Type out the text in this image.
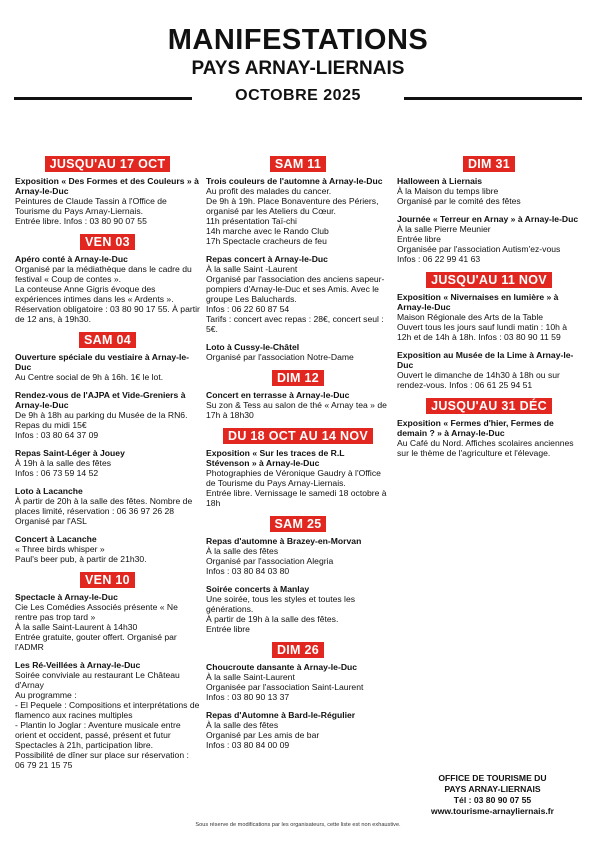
MANIFESTATIONS
PAYS ARNAY-LIERNAIS
OCTOBRE 2025
JUSQU'AU 17 OCT
Exposition « Des Formes et des Couleurs » à Arnay-le-Duc
Peintures de Claude Tassin à l'Office de Tourisme du Pays Arnay-Liernais.
Entrée libre. Infos : 03 80 90 07 55
VEN 03
Apéro conté à Arnay-le-Duc
Organisé par la médiathèque dans le cadre du festival « Coup de contes ».
La conteuse Anne Gigris évoque des expériences intimes dans les « Ardents ».
Réservation obligatoire : 03 80 90 17 55. À partir de 12 ans, à 19h30.
SAM 04
Ouverture spéciale du vestiaire à Arnay-le-Duc
Au Centre social de 9h à 16h. 1€ le lot.
Rendez-vous de l'AJPA et Vide-Greniers à Arnay-le-Duc
De 9h à 18h au parking du Musée de la RN6. Repas du midi 15€
Infos : 03 80 64 37 09
Repas Saint-Léger à Jouey
À 19h à la salle des fêtes
Infos : 06 73 59 14 52
Loto à Lacanche
À partir de 20h à la salle des fêtes. Nombre de places limité, réservation : 06 36 97 26 28
Organisé par l'ASL
Concert à Lacanche
« Three birds whisper »
Paul's beer pub, à partir de 21h30.
VEN 10
Spectacle à Arnay-le-Duc
Cie Les Comédies Associés présente « Ne rentre pas trop tard »
À la salle Saint-Laurent à 14h30
Entrée gratuite, gouter offert. Organisé par l'ADMR
Les Ré-Veillées à Arnay-le-Duc
Soirée conviviale au restaurant Le Château d'Arnay
Au programme :
- El Pequele : Compositions et interprétations de flamenco aux racines multiples
- Plantin lo Joglar : Aventure musicale entre orient et occident, passé, présent et futur
Spectacles à 21h, participation libre.
Possibilité de dîner sur place sur réservation : 06 79 21 15 75
SAM 11
Trois couleurs de l'automne à Arnay-le-Duc
Au profit des malades du cancer.
De 9h à 19h. Place Bonaventure des Périers, organisé par les Ateliers du Cœur.
11h présentation Taï-chi
14h marche avec le Rando Club
17h Spectacle cracheurs de feu
Repas concert à Arnay-le-Duc
À la salle Saint -Laurent
Organisé par l'association des anciens sapeur-pompiers d'Arnay-le-Duc et ses Amis. Avec le groupe Les Baluchards.
Infos : 06 22 60 87 54
Tarifs : concert avec repas : 28€, concert seul : 5€.
Loto à Cussy-le-Châtel
Organisé par l'association Notre-Dame
DIM 12
Concert en terrasse à Arnay-le-Duc
Su zon & Tess au salon de thé « Arnay tea » de 17h à 18h30
DU 18 OCT AU 14 NOV
Exposition « Sur les traces de R.L Stévenson » à Arnay-le-Duc
Photographies de Véronique Gaudry à l'Office de Tourisme du Pays Arnay-Liernais.
Entrée libre. Vernissage le samedi 18 octobre à 18h
SAM 25
Repas d'automne à Brazey-en-Morvan
À la salle des fêtes
Organisé par l'association Alegria
Infos : 03 80 84 03 80
Soirée concerts à Manlay
Une soirée, tous les styles et toutes les générations.
À partir de 19h à la salle des fêtes.
Entrée libre
DIM 26
Choucroute dansante à Arnay-le-Duc
À la salle Saint-Laurent
Organisée par l'association Saint-Laurent
Infos : 03 80 90 13 37
Repas d'Automne à Bard-le-Régulier
À la salle des fêtes
Organisé par Les amis de bar
Infos : 03 80 84 00 09
DIM 31
Halloween à Liernais
À la Maison du temps libre
Organisé par le comité des fêtes
Journée « Terreur en Arnay » à Arnay-le-Duc
À la salle Pierre Meunier
Entrée libre
Organisée par l'association Autism'ez-vous
Infos : 06 22 99 41 63
JUSQU'AU 11 NOV
Exposition « Nivernaises en lumière » à Arnay-le-Duc
Maison Régionale des Arts de la Table
Ouvert tous les jours sauf lundi matin : 10h à 12h et de 14h à 18h. Infos : 03 80 90 11 59
Exposition au Musée de la Lime à Arnay-le-Duc
Ouvert le dimanche de 14h30 à 18h ou sur rendez-vous. Infos : 06 61 25 94 51
JUSQU'AU 31 DÉC
Exposition « Fermes d'hier, Fermes de demain ? » à Arnay-le-Duc
Au Café du Nord. Affiches scolaires anciennes sur le thème de l'agriculture et l'élevage.
OFFICE DE TOURISME DU
PAYS ARNAY-LIERNAIS
Tél : 03 80 90 07 55
www.tourisme-arnayliernais.fr
Sous réserve de modifications par les organisateurs, cette liste est non exhaustive.
